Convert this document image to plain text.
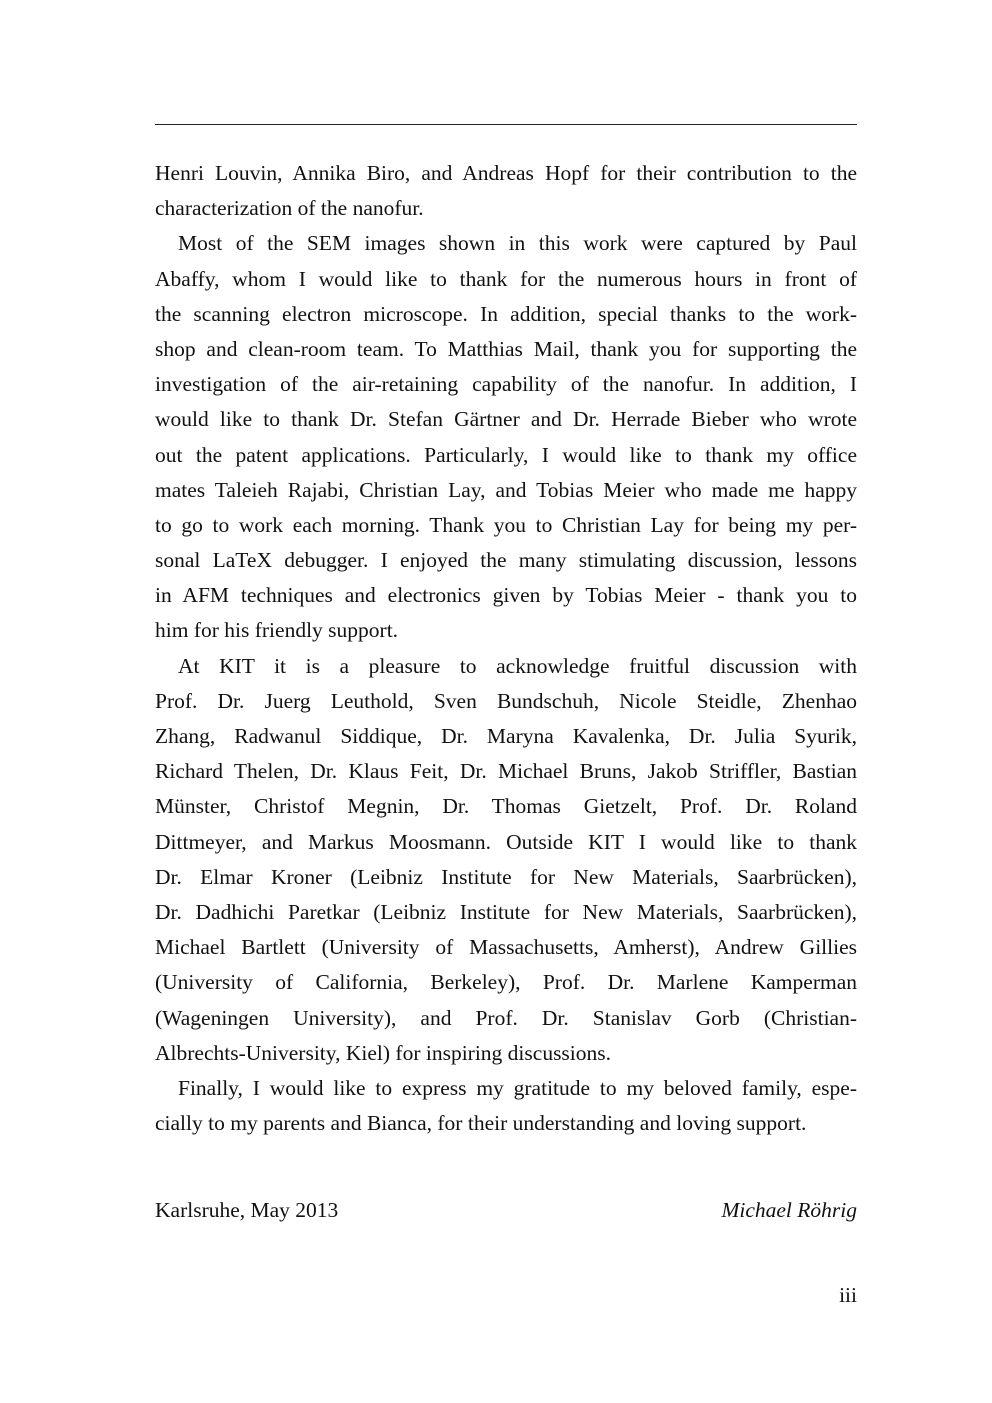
Henri Louvin, Annika Biro, and Andreas Hopf for their contribution to the
characterization of the nanofur.
Most of the SEM images shown in this work were captured by Paul
Abaffy, whom I would like to thank for the numerous hours in front of
the scanning electron microscope. In addition, special thanks to the work-
shop and clean-room team. To Matthias Mail, thank you for supporting the
investigation of the air-retaining capability of the nanofur. In addition, I
would like to thank Dr. Stefan Gärtner and Dr. Herrade Bieber who wrote
out the patent applications. Particularly, I would like to thank my office
mates Taleieh Rajabi, Christian Lay, and Tobias Meier who made me happy
to go to work each morning. Thank you to Christian Lay for being my per-
sonal LaTeX debugger. I enjoyed the many stimulating discussion, lessons
in AFM techniques and electronics given by Tobias Meier - thank you to
him for his friendly support.
At KIT it is a pleasure to acknowledge fruitful discussion with
Prof. Dr. Juerg Leuthold, Sven Bundschuh, Nicole Steidle, Zhenhao
Zhang, Radwanul Siddique, Dr. Maryna Kavalenka, Dr. Julia Syurik,
Richard Thelen, Dr. Klaus Feit, Dr. Michael Bruns, Jakob Striffler, Bastian
Münster, Christof Megnin, Dr. Thomas Gietzelt, Prof. Dr. Roland
Dittmeyer, and Markus Moosmann. Outside KIT I would like to thank
Dr. Elmar Kroner (Leibniz Institute for New Materials, Saarbrücken),
Dr. Dadhichi Paretkar (Leibniz Institute for New Materials, Saarbrücken),
Michael Bartlett (University of Massachusetts, Amherst), Andrew Gillies
(University of California, Berkeley), Prof. Dr. Marlene Kamperman
(Wageningen University), and Prof. Dr. Stanislav Gorb (Christian-
Albrechts-University, Kiel) for inspiring discussions.
Finally, I would like to express my gratitude to my beloved family, espe-
cially to my parents and Bianca, for their understanding and loving support.
Karlsruhe, May 2013	Michael Röhrig
iii
